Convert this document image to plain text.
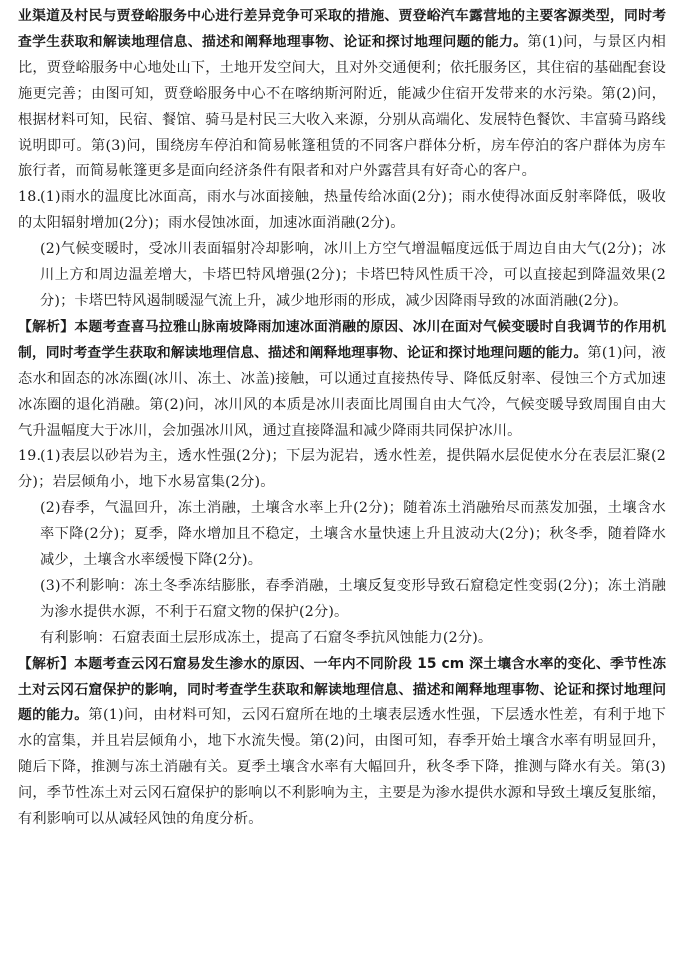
业渠道及村民与贾登峪服务中心进行差异竞争可采取的措施、贾登峪汽车露营地的主要客源类型，同时考查学生获取和解读地理信息、描述和阐释地理事物、论证和探讨地理问题的能力。第(1)问，与景区内相比，贾登峪服务中心地处山下，土地开发空间大，且对外交通便利；依托服务区，其住宿的基础配套设施更完善；由图可知，贾登峪服务中心不在喀纳斯河附近，能减少住宿开发带来的水污染。第(2)问，根据材料可知，民宿、餐馆、骑马是村民三大收入来源，分别从高端化、发展特色餐饮、丰富骑马路线说明即可。第(3)问，围绕房车停泊和简易帐篷租赁的不同客户群体分析，房车停泊的客户群体为房车旅行者，而简易帐篷更多是面向经济条件有限者和对户外露营具有好奇心的客户。

18.(1)雨水的温度比冰面高，雨水与冰面接触，热量传给冰面(2分)；雨水使得冰面反射率降低，吸收的太阳辐射增加(2分)；雨水侵蚀冰面，加速冰面消融(2分)。

(2)气候变暖时，受冰川表面辐射冷却影响，冰川上方空气增温幅度远低于周边自由大气(2分)；冰川上方和周边温差增大，卡塔巴特风增强(2分)；卡塔巴特风性质干冷，可以直接起到降温效果(2分)；卡塔巴特风遏制暖湿气流上升，减少地形雨的形成，减少因降雨导致的冰面消融(2分)。

【解析】本题考查喜马拉雅山脉南坡降雨加速冰面消融的原因、冰川在面对气候变暖时自我调节的作用机制，同时考查学生获取和解读地理信息、描述和阐释地理事物、论证和探讨地理问题的能力。第(1)问，液态水和固态的冰冻圈(冰川、冻土、冰盖)接触，可以通过直接热传导、降低反射率、侵蚀三个方式加速冰冻圈的退化消融。第(2)问，冰川风的本质是冰川表面比周围自由大气冷，气候变暖导致周围自由大气升温幅度大于冰川，会加强冰川风，通过直接降温和减少降雨共同保护冰川。

19.(1)表层以砂岩为主，透水性强(2分)；下层为泥岩，透水性差，提供隔水层促使水分在表层汇聚(2分)；岩层倾角小，地下水易富集(2分)。

(2)春季，气温回升，冻土消融，土壤含水率上升(2分)；随着冻土消融殆尽而蒸发加强，土壤含水率下降(2分)；夏季，降水增加且不稳定，土壤含水量快速上升且波动大(2分)；秋冬季，随着降水减少，土壤含水率缓慢下降(2分)。

(3)不利影响：冻土冬季冻结膨胀，春季消融，土壤反复变形导致石窟稳定性变弱(2分)；冻土消融为渗水提供水源，不利于石窟文物的保护(2分)。

有利影响：石窟表面土层形成冻土，提高了石窟冬季抗风蚀能力(2分)。

【解析】本题考查云冈石窟易发生渗水的原因、一年内不同阶段 15 cm 深土壤含水率的变化、季节性冻土对云冈石窟保护的影响，同时考查学生获取和解读地理信息、描述和阐释地理事物、论证和探讨地理问题的能力。第(1)问，由材料可知，云冈石窟所在地的土壤表层透水性强，下层透水性差，有利于地下水的富集，并且岩层倾角小，地下水流失慢。第(2)问，由图可知，春季开始土壤含水率有明显回升，随后下降，推测与冻土消融有关。夏季土壤含水率有大幅回升，秋冬季下降，推测与降水有关。第(3)问，季节性冻土对云冈石窟保护的影响以不利影响为主，主要是为渗水提供水源和导致土壤反复胀缩，有利影响可以从减轻风蚀的角度分析。
